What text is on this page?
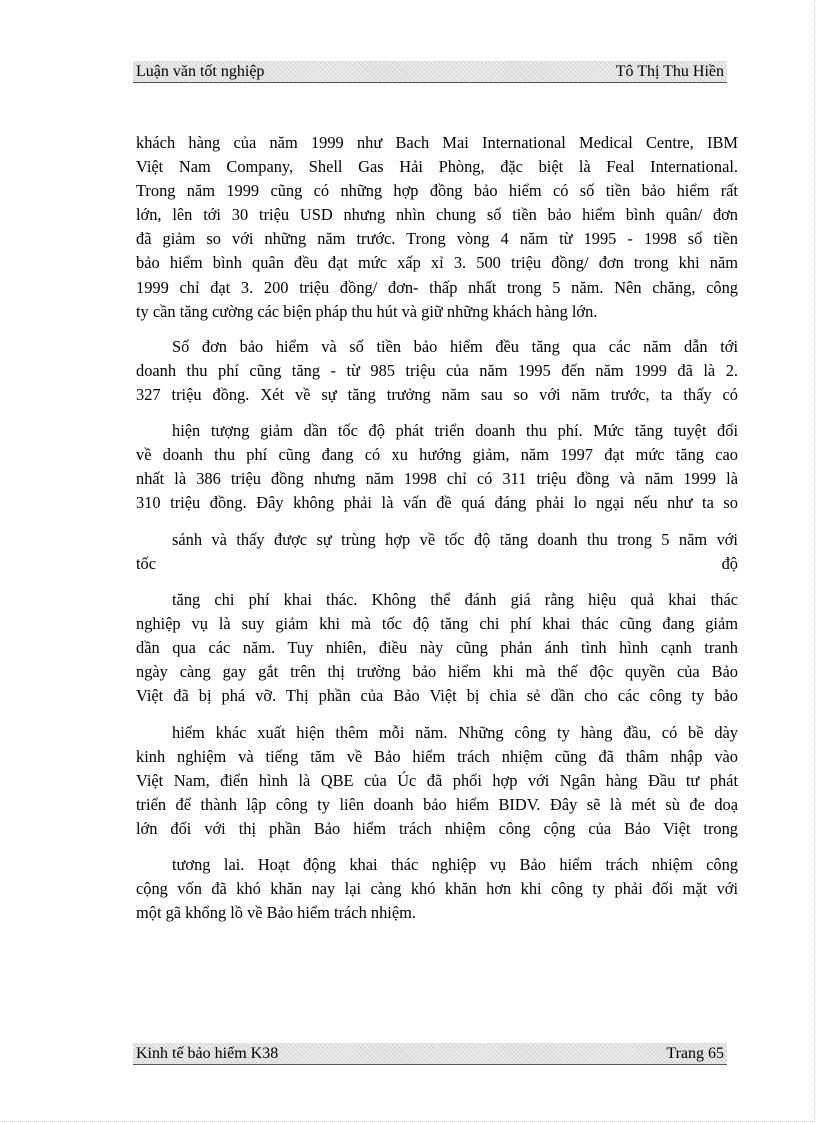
Luận văn tốt nghiệp	Tô Thị Thu Hiền
khách hàng của năm 1999 như Bach Mai International Medical Centre, IBM
Việt Nam Company, Shell Gas Hải Phòng, đặc biệt là Feal International.
Trong năm 1999 cũng có những hợp đồng bảo hiểm có số tiền bảo hiểm rất
lớn, lên tới 30 triệu USD nhưng nhìn chung số tiền bảo hiểm bình quân/ đơn
đã giảm so với những năm trước. Trong vòng 4 năm từ 1995 - 1998 số tiền
bảo hiểm bình quân đều đạt mức xấp xỉ 3. 500 triệu đồng/ đơn trong khi năm
1999 chỉ đạt 3. 200 triệu đồng/ đơn- thấp nhất trong 5 năm. Nên chăng, công
ty cần tăng cường các biện pháp thu hút và giữ những khách hàng lớn.
Số đơn bảo hiểm và số tiền bảo hiểm đều tăng qua các năm dẫn tới
doanh thu phí cũng tăng - từ 985 triệu của năm 1995 đến năm 1999 đã là 2.
327 triệu đồng. Xét về sự tăng trưởng năm sau so với năm trước, ta thấy có
hiện tượng giảm dần tốc độ phát triển doanh thu phí. Mức tăng tuyệt đối
về doanh thu phí cũng đang có xu hướng giảm, năm 1997 đạt mức tăng cao
nhất là 386 triệu đồng nhưng năm 1998 chỉ có 311 triệu đồng và năm 1999 là
310 triệu đồng. Đây không phải là vấn đề quá đáng phải lo ngại nếu như ta so
sánh và thấy được sự trùng hợp về tốc độ tăng doanh thu trong 5 năm với
tốc độ
tăng chi phí khai thác. Không thể đánh giá rằng hiệu quả khai thác
nghiệp vụ là suy giảm khi mà tốc độ tăng chi phí khai thác cũng đang giảm
dần qua các năm. Tuy nhiên, điều này cũng phản ánh tình hình cạnh tranh
ngày càng gay gắt trên thị trường bảo hiểm khi mà thế độc quyền của Bảo
Việt đã bị phá vỡ. Thị phần của Bảo Việt bị chia sẻ dần cho các công ty bảo
hiểm khác xuất hiện thêm mỗi năm. Những công ty hàng đầu, có bề dày
kinh nghiệm và tiếng tăm về Bảo hiểm trách nhiệm cũng đã thâm nhập vào
Việt Nam, điển hình là QBE của Úc đã phối hợp với Ngân hàng Đầu tư phát
triển để thành lập công ty liên doanh bảo hiểm BIDV. Đây sẽ là mét sù đe doạ
lớn đối với thị phần Bảo hiểm trách nhiệm công cộng của Bảo Việt trong
tương lai. Hoạt động khai thác nghiệp vụ Bảo hiểm trách nhiệm công
cộng vốn đã khó khăn nay lại càng khó khăn hơn khi công ty phải đối mặt với
một gã khổng lồ về Bảo hiểm trách nhiệm.
Kinh tế bảo hiểm K38	Trang 65
